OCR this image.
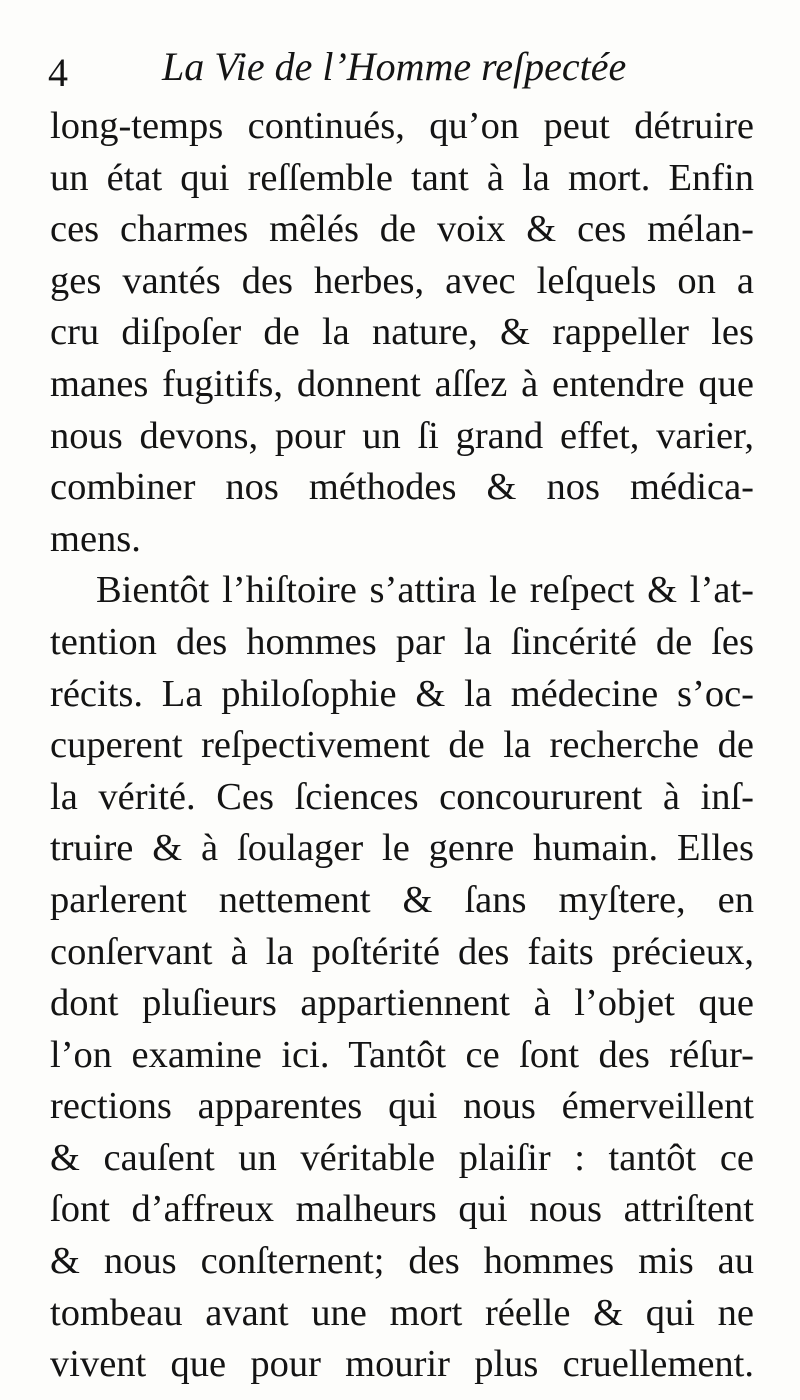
4 La Vie de l’Homme reſpectée
long-temps continués, qu’on peut détruire
un état qui reſſemble tant à la mort. Enfin
ces charmes mêlés de voix & ces mélan-
ges vantés des herbes, avec leſquels on a
cru diſpoſer de la nature, & rappeller les
manes fugitifs, donnent aſſez à entendre que
nous devons, pour un ſi grand effet, varier,
combiner nos méthodes & nos médica-
mens.
Bientôt l’hiſtoire s’attira le reſpect & l’at-
tention des hommes par la ſincérité de ſes
récits. La philoſophie & la médecine s’oc-
cuperent reſpectivement de la recherche de
la vérité. Ces ſciences concoururent à inſ-
truire & à ſoulager le genre humain. Elles
parlerent nettement & ſans myſtere, en
conſervant à la poſtérité des faits précieux,
dont pluſieurs appartiennent à l’objet que
l’on examine ici. Tantôt ce ſont des réſur-
rections apparentes qui nous émerveillent
& cauſent un véritable plaiſir : tantôt ce
ſont d’affreux malheurs qui nous attriſtent
& nous conſternent; des hommes mis au
tombeau avant une mort réelle & qui ne
vivent que pour mourir plus cruellement.
